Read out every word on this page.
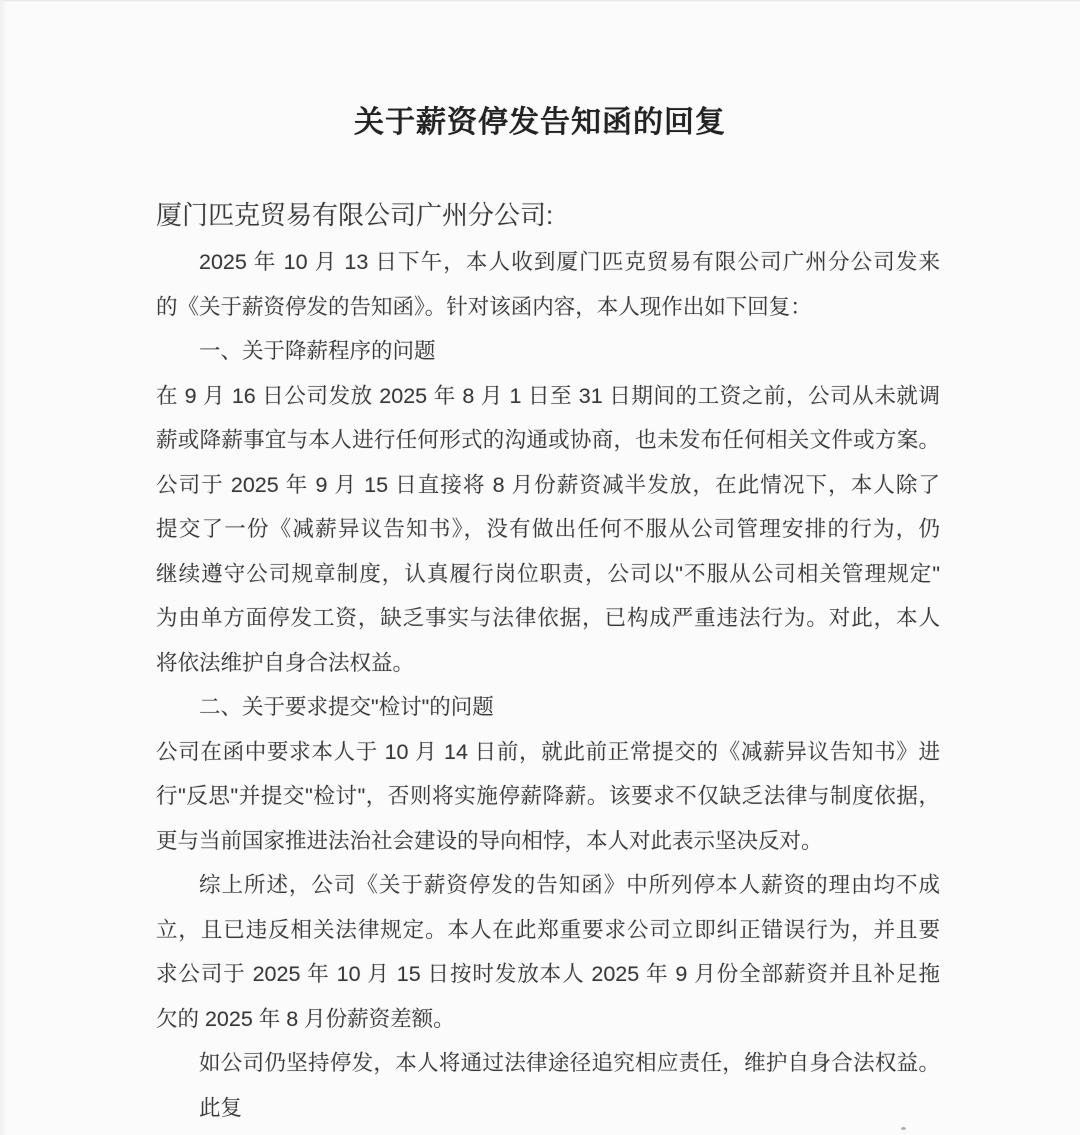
关于薪资停发告知函的回复
厦门匹克贸易有限公司广州分公司:
2025 年 10 月 13 日下午，本人收到厦门匹克贸易有限公司广州分公司发来
的《关于薪资停发的告知函》。针对该函内容，本人现作出如下回复：
一、关于降薪程序的问题
在 9 月 16 日公司发放 2025 年 8 月 1 日至 31 日期间的工资之前，公司从未就调
薪或降薪事宜与本人进行任何形式的沟通或协商，也未发布任何相关文件或方案。
公司于 2025 年 9 月 15 日直接将 8 月份薪资减半发放，在此情况下，本人除了
提交了一份《减薪异议告知书》，没有做出任何不服从公司管理安排的行为，仍
继续遵守公司规章制度，认真履行岗位职责，公司以"不服从公司相关管理规定"
为由单方面停发工资，缺乏事实与法律依据，已构成严重违法行为。对此，本人
将依法维护自身合法权益。
二、关于要求提交"检讨"的问题
公司在函中要求本人于 10 月 14 日前，就此前正常提交的《减薪异议告知书》进
行"反思"并提交"检讨"，否则将实施停薪降薪。该要求不仅缺乏法律与制度依据，
更与当前国家推进法治社会建设的导向相悖，本人对此表示坚决反对。
综上所述，公司《关于薪资停发的告知函》中所列停本人薪资的理由均不成
立，且已违反相关法律规定。本人在此郑重要求公司立即纠正错误行为，并且要
求公司于 2025 年 10 月 15 日按时发放本人 2025 年 9 月份全部薪资并且补足拖
欠的 2025 年 8 月份薪资差额。
如公司仍坚持停发，本人将通过法律途径追究相应责任，维护自身合法权益。
此复
